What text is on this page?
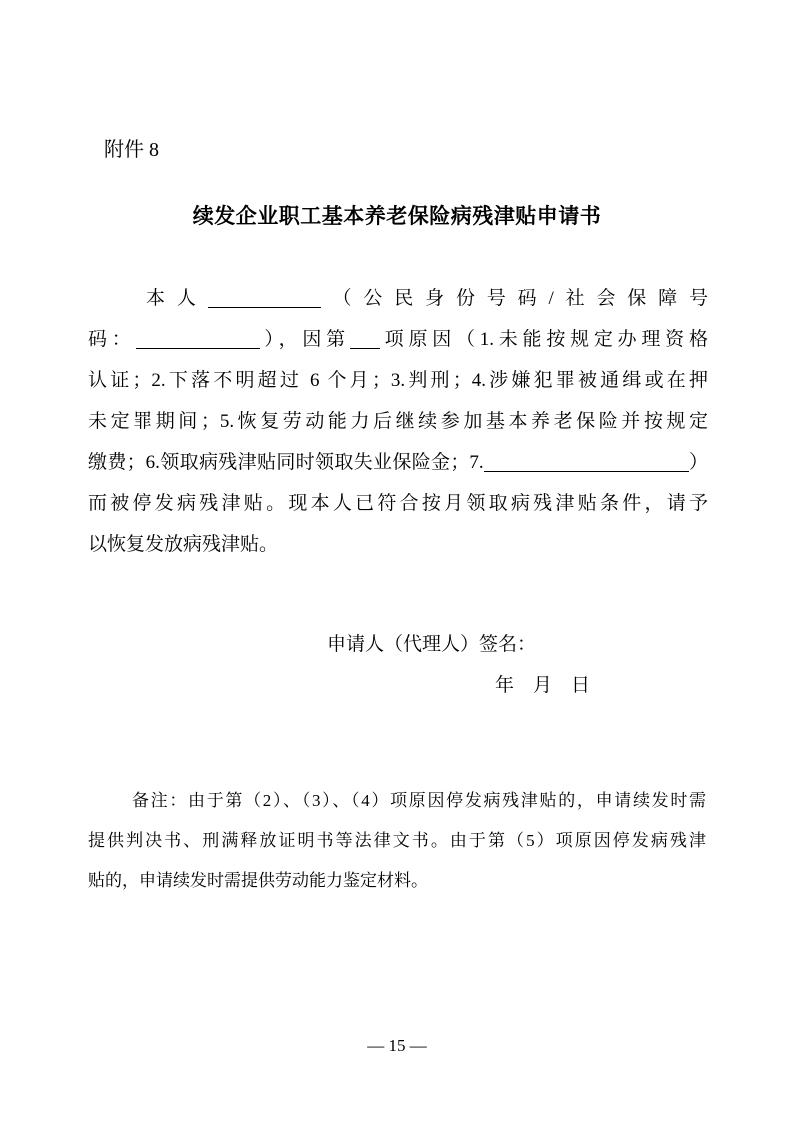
附件 8
续发企业职工基本养老保险病残津贴申请书
本人	（公民身份号码/社会保障号
码：	），因第 项原因（1.未能按规定办理资格
认证；2.下落不明超过 6 个月；3.判刑；4.涉嫌犯罪被通缉或在押
未定罪期间；5.恢复劳动能力后继续参加基本养老保险并按规定
缴费；6.领取病残津贴同时领取失业保险金；7.	）
而被停发病残津贴。现本人已符合按月领取病残津贴条件，请予
以恢复发放病残津贴。
申请人（代理人）签名：
年　月　日
备注：由于第（2）、（3）、（4）项原因停发病残津贴的，申请续发时需
提供判决书、刑满释放证明书等法律文书。由于第（5）项原因停发病残津
贴的，申请续发时需提供劳动能力鉴定材料。
— 15 —
